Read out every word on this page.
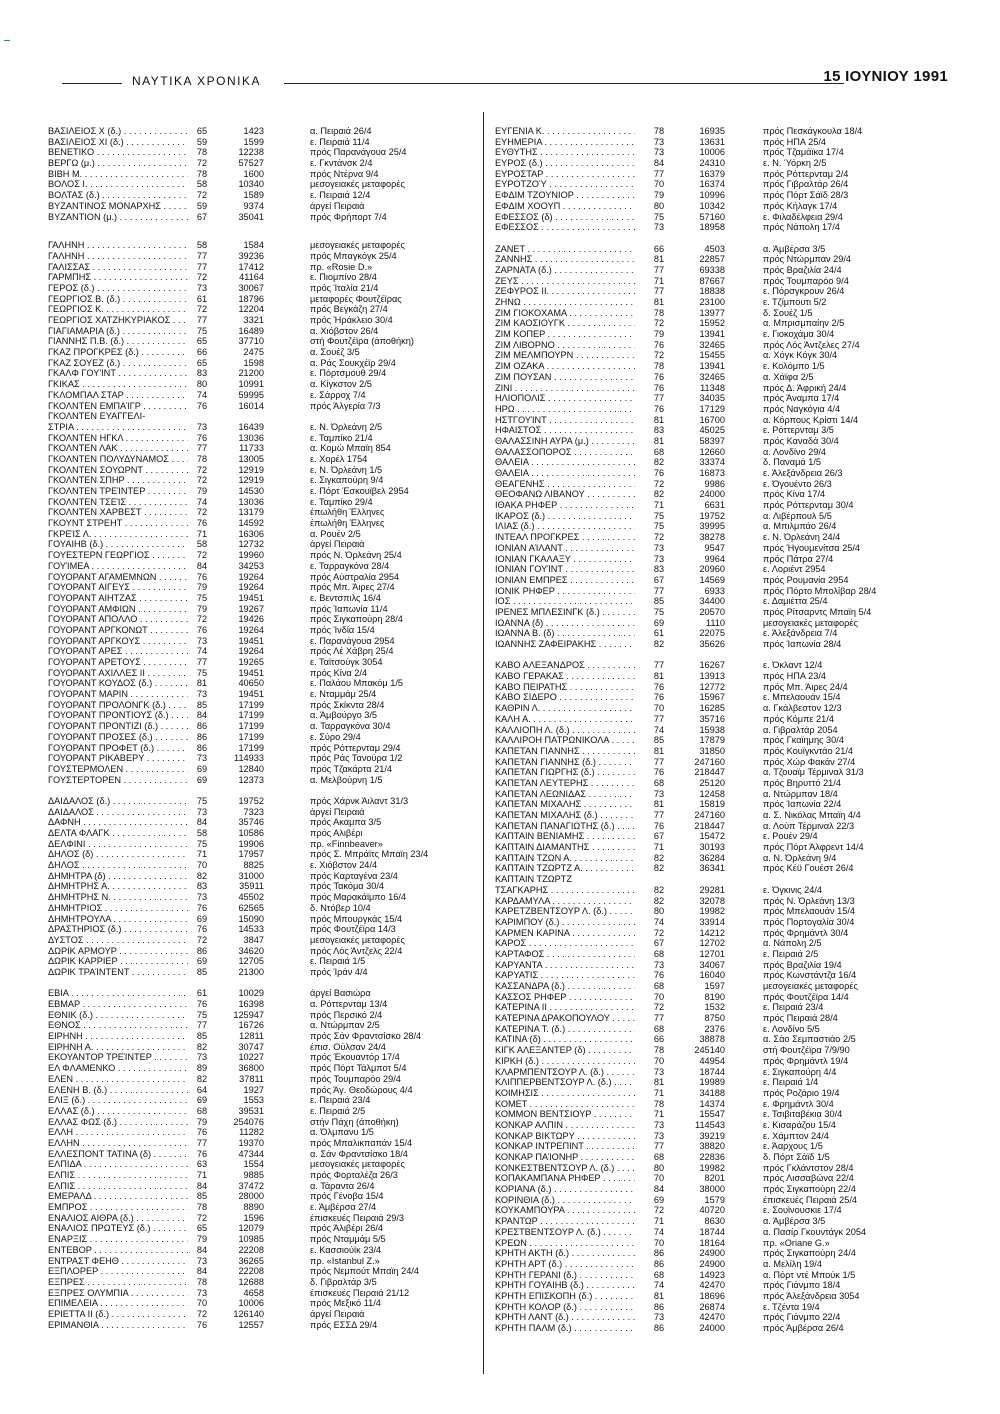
ΝΑΥΤΙΚΑ ΧΡΟΝΙΚΑ	15 ΙΟΥΝΙΟΥ 1991
ΒΑΣΙΛΕΙΟΣ Χ (δ.) . . .	65	1423	α. Πειραιά 26/4
ΒΑΣΙΛΕΙΟΣ ΧΙ (δ.) . . .	59	1599	ε. Πειραιά 11/4
ΒΕΝΕΤΙΚΟ . . .	78	12238	πρός Παρανάγουα 25/4
ΒΕΡΓΩ (μ.) . . .	72	57527	ε. Γκντάνσκ 2/4
ΒΙΒΗ Μ. . . .	78	1600	πρός Ντέρνα 9/4
ΒΟΛΟΣ Ι. . . .	58	10340	μεσογειακές μεταφορές
ΒΟΛΤΑΣ (δ.) . . .	72	1589	ε. Πειραιά 12/4
ΒΥΖΑΝΤΙΝΟΣ ΜΟΝΑΡΧΗΣ . . .	59	9374	άργεί Πειραιά
ΒΥΖΑΝΤΙΟΝ (μ.) . . .	67	35041	πρός Φρήπορτ 7/4
ΓΑΛΗΝΗ . . .	58	1584	μεσογειακές μεταφορές
ΓΑΛΗΝΗ . . .	77	39236	πρός Μπαγκόγκ 25/4
ΓΑΛΙΣΣΑΣ . . .	77	17412	πρ. «Rosie D.»
ΓΑΡΜΠΗΣ . . .	72	41164	ε. Πιομπίνο 28/4
ΓΕΡΟΣ (δ.) . . .	73	30067	πρός Ίταλία 21/4
ΓΕΩΡΓΙΟΣ Β. (δ.) . . .	61	18796	μεταφορές Φουτζέϊρας
ΓΕΩΡΓΙΟΣ Κ. . . .	72	12204	πρός Βεγκάζη 27/4
ΓΕΩΡΓΙΟΣ ΧΑΤΖΗΚΥΡΙΑΚΟΣ . . .	77	3321	πρός Ήράκλειο 30/4
ΓΙΑΓΙΑΜΑΡΙΑ (δ.) . . .	75	16489	α. Χιόβστον 26/4
ΓΙΑΝΝΗΣ Π.Β. (δ.) . . .	65	37710	στή Φουτζέϊρα (άποθήκη)
ΓΚΑΖ ΠΡΟΓΚΡΕΣ (δ.) . . .	66	2475	α. Σουέζ 3/5
ΓΚΑΖ ΣΟΥΕΖ (δ.) . . .	65	1598	α. Ράς Σουκχέϊρ 29/4
ΓΚΑΛΦ ΓΟΥ'ΙΝΤ . . .	83	21200	ε. Πόρτσμουθ 29/4
ΓΚΙΚΑΣ . . .	80	10991	α. Κίγκστον 2/5
ΓΚΛΟΜΠΑΛ ΣΤΑΡ . . .	74	59995	ε. Σάρροχ 7/4
ΓΚΟΛΝΤΕΝ ΕΜΠΑΊΓΡ . . .	76	16014	πρός Άλγερία 7/3
ΓΚΟΛΝΤΕΝ ΕΥΑΓΓΕΛΙ-
ΣΤΡΙΑ . . .	73	16439	ε. Ν. Όρλεάνη 2/5
ΓΚΟΛΝΤΕΝ ΗΓΚΛ . . .	76	13036	ε. Ταμπίκο 21/4
ΓΚΟΛΝΤΕΝ ΛΑΚ . . .	77	11733	α. Κομώ Μπαϊη 854
ΓΚΟΛΝΤΕΝ ΠΟΛΥΔΥΝΑΜΟΣ . . .	78	13005	ε. Χορέλ 1754
ΓΚΟΛΝΤΕΝ ΣΟΥΩΡΝΤ . . .	72	12919	ε. Ν. Όρλεάνη 1/5
ΓΚΟΛΝΤΕΝ ΣΠΗΡ . . .	72	12919	ε. Σιγκαπούρη 9/4
ΓΚΟΛΝΤΕΝ ΤΡΕΊΝΤΕΡ . . .	79	14530	ε. Πόρτ Έσκουϊβελ 2954
ΓΚΟΛΝΤΕΝ ΤΣΕΊΣ . . .	74	13036	ε. Ταμπίκο 29/4
ΓΚΟΛΝΤΕΝ ΧΑΡΒΕΣΤ . . .	72	13179	έπωλήθη Έλληνες
ΓΚΟΥΝΤ ΣΤΡΕΗΤ . . .	76	14592	έπωλήθη Έλληνες
ΓΚΡΕΊΣ Λ. . . .	71	16306	α. Ρουέν 2/5
ΓΟΥΑΙΗΒ (δ.) . . .	58	12732	άργεί Πειραιά
ΓΟΥΕΣΤΕΡΝ ΓΕΩΡΓΙΟΣ . . .	72	19960	πρός Ν. Όρλεάνη 25/4
ΓΟΥΊΜΕΑ . . .	84	34253	ε. Ταρραγκόνα 28/4
ΓΟΥΟΡΑΝΤ ΑΓΑΜΕΜΝΩΝ . . .	76	19264	πρός Αύστραλία 2954
ΓΟΥΟΡΑΝΤ ΑΙΓΕΥΣ . . .	79	19264	πρός Μπ. Άιρες 27/4
ΓΟΥΟΡΑΝΤ ΑΙΗΤΖΑΣ . . .	75	19451	ε. Βεντσπιλς 16/4
ΓΟΥΟΡΑΝΤ ΑΜΦΙΩΝ . . .	79	19267	πρός Ίαπωνία 11/4
ΓΟΥΟΡΑΝΤ ΑΠΟΛΛΟ . . .	72	19426	πρός Σιγκαπούρη 28/4
ΓΟΥΟΡΑΝΤ ΑΡΓΚΟΝΩΤ . . .	76	19264	πρός Ίνδία 15/4
ΓΟΥΟΡΑΝΤ ΑΡΓΚΟΥΣ . . .	73	19451	ε. Παρανάγουα 2954
ΓΟΥΟΡΑΝΤ ΑΡΕΣ . . .	74	19264	πρός Λέ Χάβρη 25/4
ΓΟΥΟΡΑΝΤ ΑΡΕΤΟΥΣ . . .	77	19265	ε. Ταϊτσούγκ 3054
ΓΟΥΟΡΑΝΤ ΑΧΙΛΛΕΣ ΙΙ . . .	75	19451	πρός Κίνα 2/4
ΓΟΥΟΡΑΝΤ ΚΟΥΔΟΣ (δ.) . . .	81	40650	ε. Παλάου Μπακόμ 1/5
ΓΟΥΟΡΑΝΤ ΜΑΡΙΝ . . .	73	19451	ε. Νταμμάμ 25/4
ΓΟΥΟΡΑΝΤ ΠΡΟΛΟΝΓΚ (δ.) . . .	85	17199	πρός Σκίκντα 28/4
ΓΟΥΟΡΑΝΤ ΠΡΟΝΤΙΟΥΣ (δ.) . . .	84	17199	α. Άμβούργο 3/5
ΓΟΥΟΡΑΝΤ ΠΡΟΝΤΙΖΙ (δ.) . . .	86	17199	α. Ταρραγκόνα 30/4
ΓΟΥΟΡΑΝΤ ΠΡΟΣΕΣ (δ.) . . .	86	17199	ε. Σύρο 29/4
ΓΟΥΟΡΑΝΤ ΠΡΟΦΕΤ (δ.) . . .	86	17199	πρός Ρόττερνταμ 29/4
ΓΟΥΟΡΑΝΤ ΡΙΚΑΒΕΡΥ . . .	73	114933	πρός Ράς Τανούρα 1/2
ΓΟΥΣΤΕΡΜΟΛΕΝ . . .	69	12840	πρός Τζακάρτα 21/4
ΓΟΥΣΤΕΡΤΟΡΕΝ . . .	69	12373	α. Μελβούρνη 1/5
ΔΑΙΔΑΛΟΣ (δ.) . . .	75	19752	πρός Χάρνκ Άιλαντ 31/3
ΔΑΙΔΑΛΟΣ . . .	73	7323	άργεί Πειραιά
ΔΑΦΝΗ . . .	84	35746	πρός Ακαμπα 3/5
ΔΕΛΤΑ ΦΛΑΓΚ . . .	58	10586	πρός Αλιβέρι
ΔΕΛΦΙΝΙ . . .	75	19906	πρ. «Finnbeaver»
ΔΗΛΟΣ (δ) . . .	71	17957	πρός Σ. Μπράϊτς Μπαϊη 23/4
ΔΗΛΟΣ . . .	70	8825	ε. Χιόβστον 24/4
ΔΗΜΗΤΡΑ (δ) . . .	82	31000	πρός Καρταγένα 23/4
ΔΗΜΗΤΡΗΣ Α. . . .	83	35911	πρός Τακόμα 30/4
ΔΗΜΗΤΡΗΣ Ν. . . .	73	45502	πρός Μαρακάϊμπο 16/4
ΔΗΜΗΤΡΙΟΣ . . .	76	62565	δ. Ντόβερ 10/4
ΔΗΜΗΤΡΟΥΛΑ . . .	69	15090	πρός Μπουργκάς 15/4
ΔΡΑΣΤΗΡΙΟΣ (δ.) . . .	76	14533	πρός Φουτζέϊρα 14/3
ΔΥΣΤΟΣ . . .	72	3847	μεσογειακές μεταφορές
ΔΩΡΙΚ ΑΡΜΟΥΡ . . .	86	34620	πρός Λός Άντζελς 22/4
ΔΩΡΙΚ ΚΑΡΡΙΕΡ . . .	69	12705	ε. Πειραιά 1/5
ΔΩΡΙΚ ΤΡΑΊΝΤΕΝΤ . . .	85	21300	πρός Ίράν 4/4
ΕΒΙΑ . . .	61	10029	άργεί Βασιώρα
ΕΒΜΑΡ . . .	76	16398	α. Ρόττερνταμ 13/4
ΕΘΝΙΚ (δ.) . . .	75	125947	πρός Περσικό 2/4
ΕΘΝΟΣ . . .	77	16726	α. Ντώρμπαν 2/5
ΕΙΡΗΝΗ . . .	85	12811	πρός Σάν Φραντσίσκο 28/4
ΕΙΡΗΝΗ Α. . . .	82	30747	έπισ. Ούλσαν 24/4
ΕΚΟΥΑΝΤΟΡ ΤΡΕΊΝΤΕΡ . . .	73	10227	πρός Έκουαντόρ 17/4
ΕΛ ΦΛΑΜΕΝΚΟ . . .	89	36800	πρός Πόρτ Τάλμποτ 5/4
ΕΛΕΝ . . .	82	37811	πρός Τουμπαρόο 29/4
ΕΛΕΝΗ Β. (δ.) . . .	64	1927	πρός Άγ. Θεοδώρους 4/4
ΕΛΙΞ (δ.) . . .	69	1553	ε. Πειραιά 23/4
ΕΛΛΑΣ (δ.) . . .	68	39531	ε. Πειραιά 2/5
ΕΛΛΑΣ ΦΩΣ (δ.) . . .	79	254076	στήν Πάχη (άποθήκη)
ΕΛΛΗ . . .	76	11282	α. Όλμπανυ 1/5
ΕΛΛΗΝ . . .	77	19370	πρός Μπαλικπαπάν 15/4
ΕΛΛΕΣΠΟΝΤ ΤΑΤΙΝΑ (δ) . . .	76	47344	α. Σάν Φραντσίσκο 18/4
ΕΛΠΙΔΑ . . .	63	1554	μεσογειακές μεταφορές
ΕΛΠΙΣ . . .	71	9885	πρός Φορταλέζα 26/3
ΕΛΠΙΣ . . .	84	37472	α. Τάραντα 26/4
ΕΜΕΡΑΛΔ . . .	85	28000	πρός Γένοβα 15/4
ΕΜΠΡΟΣ . . .	78	8890	ε. Άμβέρσα 27/4
ΕΝΑΛΙΟΣ ΑΙΘΡΑ (δ.) . . .	72	1596	έπισκευές Πειραιά 29/3
ΕΝΑΛΙΟΣ ΠΡΩΤΕΥΣ (δ.) . . .	65	12079	πρός Άλιβέρι 26/4
ΕΝΑΡΞΙΣ . . .	79	10985	πρός Νταμμάμ 5/5
ΕΝΤΕΒΟΡ . . .	84	22208	ε. Κασσιούϊκ 23/4
ΕΝΤΡΑΣΤ ΦΕΗΘ . . .	73	36265	πρ. «Istanbul Z.»
ΕΞΠΛΟΡΕΡ . . .	84	22208	πρός Νεμπούτ Μπαϊη 24/4
ΕΞΠΡΕΣ . . .	78	12688	δ. Γιβραλτάρ 3/5
ΕΞΠΡΕΣ ΟΛΥΜΠΙΑ . . .	73	4658	έπισκευές Πειραιά 21/12
ΕΠΙΜΕΛΕΙΑ . . .	70	10006	πρός Μεξικό 11/4
ΕΡΙΕΤΤΑ ΙΙ (δ.) . . .	72	126140	άργεί Πειραιά
ΕΡΙΜΑΝΘΙΑ . . .	76	12557	πρός ΕΣΣΔ 29/4
ΕΥΓΕΝΙΑ Κ. . . .	78	16935	πρός Πεσκάγκουλα 18/4
ΕΥΗΜΕΡΙΑ . . .	73	13631	πρός ΗΠΑ 25/4
ΕΥΘΥΤΗΣ . . .	73	10006	πρός Τζαμάϊκα 17/4
ΕΥΡΟΣ (δ.) . . .	84	24310	ε. Ν. Ύόρκη 2/5
ΕΥΡΟΣΤΑΡ . . .	77	16379	πρός Ρόττερνταμ 2/4
ΕΥΡΟΤΖΟΎ . . .	70	16374	πρός Γιβραλτάρ 26/4
ΕΦΔΙΜ ΤΖΟΥΝΙΟΡ . . .	79	10996	πρός Πόρτ Σάϊδ 28/3
ΕΦΔΙΜ ΧΟΟΥΠ . . .	80	10342	πρός Κήλαγκ 17/4
ΕΦΕΣΣΟΣ (δ) . . .	75	57160	ε. Φιλαδέλφεια 29/4
ΕΦΕΣΣΟΣ . . .	73	18958	πρός Νάπολη 17/4
ΖΑΝΕΤ . . .	66	4503	α. Άμβέρσα 3/5
ΖΑΝΝΗΣ . . .	81	22857	πρός Ντώρμπαν 29/4
ΖΑΡΝΑΤΑ (δ.) . . .	77	69338	πρός Βραζιλία 24/4
ΖΕΥΣ . . .	71	87667	πρός Τουμπαρόο 9/4
ΖΕΦΥΡΟΣ ΙΙ. . . .	77	18838	ε. Πόρσγκρουν 26/4
ΖΗΝΩ . . .	81	23100	ε. Τζίμπουτι 5/2
ΖΙΜ ΓΙΟΚΟΧΑΜΑ . . .	78	13977	δ. Σουέζ 1/5
ΖΙΜ ΚΑΟΣΙΟΥΓΚ . . .	72	15952	α. Μπρισμπαίην 2/5
ΖΙΜ ΚΟΠΕΡ . . .	79	13941	ε. Γιοκοχάμα 30/4
ΖΙΜ ΛΙΒΟΡΝΟ . . .	76	32465	πρός Λός Άντζελες 27/4
ΖΙΜ ΜΕΛΜΠΟΥΡΝ . . .	72	15455	α. Χόγκ Κόγκ 30/4
ΖΙΜ ΟΖΑΚΑ . . .	78	13941	ε. Κολόμπο 1/5
ΖΙΜ ΠΟΥΣΑΝ . . .	76	32465	α. Χάϊφα 2/5
ΖΙΝΙ . . .	76	11348	πρός Δ. Άφρική 24/4
ΗΛΙΟΠΟΛΙΣ . . .	77	34035	πρός Άναμπα 17/4
ΗΡΩ . . .	76	17129	πρός Ναγκόγια 4/4
ΗΣΤΓΟΥΊΝΤ . . .	81	16700	α. Κόρπους Κρίστι 14/4
ΗΦΑΙΣΤΟΣ . . .	83	45025	ε. Ρόττερνταμ 3/5
ΘΑΛΑΣΣΙΝΗ ΑΥΡΑ (μ.) . . .	81	58397	πρός Καναδά 30/4
ΘΑΛΑΣΣΟΠΟΡΟΣ . . .	68	12660	α. Λονδίνο 29/4
ΘΑΛΕΙΑ . . .	82	33374	δ. Παναμά 1/5
ΘΑΛΕΙΑ . . .	76	16873	ε. Άλεξάνδρεια 26/3
ΘΕΑΓΕΝΗΣ . . .	72	9986	ε. Όγουέντο 26/3
ΘΕΟΦΑΝΩ ΛΙΒΑΝΟΥ . . .	82	24000	πρός Κίνα 17/4
ΙΘΑΚΑ ΡΗΦΕΡ . . .	71	6631	πρός Ρόττερνταμ 30/4
ΙΚΑΡΟΣ (δ.) . . .	75	19752	α. Λιβέρπουλ 5/5
ΙΛΙΑΣ (δ.) . . .	75	39995	α. Μπιλμπάο 26/4
ΙΝΤΕΑΛ ΠΡΟΓΚΡΕΣ . . .	72	38278	ε. Ν. Όρλεάνη 24/4
ΙΟΝΙΑΝ ΑΊΛΑΝΤ . . .	73	9547	πρός Ήγουμενίτσα 25/4
ΙΟΝΙΑΝ ΓΚΑΛΑΞΥ . . .	73	9964	πρός Πάτρα 27/4
ΙΟΝΙΑΝ ΓΟΥΊΝΤ . . .	83	20960	ε. Λοριέντ 2954
ΙΟΝΙΑΝ ΕΜΠΡΕΣ . . .	67	14569	πρός Ρουμανία 2954
ΙΟΝΙΚ ΡΗΦΕΡ . . .	77	6933	πρός Πόρτο Μπολίβαρ 28/4
ΙΟΣ . . .	85	34400	ε. Δαμιέττα 25/4
ΙΡΕΝΕΣ ΜΠΛΕΣΙΝΓΚ (δ.) . . .	75	20570	πρός Ρίτσαρντς Μπαϊη 5/4
ΙΩΑΝΝΑ (δ) . . .	69	1110	μεσογειακές μεταφορές
ΙΩΑΝΝΑ Β. (δ) . . .	61	22075	ε. Άλεξάνδρεια 7/4
ΙΩΑΝΝΗΣ ΖΑΦΕΙΡΑΚΗΣ . . .	82	35626	πρός Ίαπωνία 28/4
ΚΑΒΟ ΑΛΕΞΑΝΔΡΟΣ . . .	77	16267	ε. Όκλαντ 12/4
ΚΑΒΟ ΓΕΡΑΚΑΣ . . .	81	13913	πρός ΗΠΑ 23/4
ΚΑΒΟ ΠΕΙΡΑΤΗΣ . . .	76	12772	πρός Μπ. Άιρες 24/4
ΚΑΒΟ ΣΙΔΕΡΟ . . .	76	15967	ε. Μπελαουάν 15/4
ΚΑΘΡΙΝ Λ. . . .	70	16285	α. Γκάλβεστον 12/3
ΚΑΛΗ Α. . . .	77	35716	πρός Κόμπε 21/4
ΚΑΛΛΙΟΠΗ Λ. (δ.) . . .	74	15938	α. Γιβραλτάρ 2054
ΚΑΛΛΙΡΟΗ ΠΑΤΡΩΝΙΚΟΛΑ . . .	85	17879	πρός Γκαϊημης 30/4
ΚΑΠΕΤΑΝ ΓΙΑΝΝΗΣ . . .	81	31850	πρός Κουϊγκντάο 21/4
ΚΑΠΕΤΑΝ ΓΙΑΝΝΗΣ (δ.) . . .	77	247160	πρός Χώρ Φακάν 27/4
ΚΑΠΕΤΑΝ ΓΙΩΡΓΗΣ (δ.) . . .	76	218447	α. Τζουαϊμ Τέρμιναλ 31/3
ΚΑΠΕΤΑΝ ΛΕΥΤΕΡΗΣ . . .	68	25120	πρός Βηρυττό 21/4
ΚΑΠΕΤΑΝ ΛΕΩΝΙΔΑΣ . . .	73	12458	α. Ντώρμπαν 18/4
ΚΑΠΕΤΑΝ ΜΙΧΑΛΗΣ . . .	81	15819	πρός Ίαπωνία 22/4
ΚΑΠΕΤΑΝ ΜΙΧΑΛΗΣ (δ.) . . .	77	247160	α. Σ. Νικόλας Μπαϊη 4/4
ΚΑΠΕΤΑΝ ΠΑΝΑΓΙΩΤΗΣ (δ.) . . .	76	218447	α. Λούπ Τέρμιναλ 22/3
ΚΑΠΤΑΙΝ ΒΕΝΙΑΜΗΣ . . .	67	15472	ε. Ρουέν 29/4
ΚΑΠΤΑΙΝ ΔΙΑΜΑΝΤΗΣ . . .	71	30193	πρός Πόρτ Άλφρεντ 14/4
ΚΑΠΤΑΙΝ ΤΖΩΝ Α. . . .	82	36284	α. Ν. Όρλεάνη 9/4
ΚΑΠΤΑΙΝ ΤΖΩΡΤΖ Α. . . .	82	36341	πρός Κέϋ Γουέστ 26/4
ΚΑΠΤΑΙΝ ΤΖΩΡΤΖ
ΤΣΑΓΚΑΡΗΣ . . .	82	29281	ε. Όγκινις 24/4
ΚΑΡΔΑΜΥΛΑ . . .	82	32078	πρός Ν. Όρλεάνη 13/3
ΚΑΡΕΤΖΒΕΝΤΣΟΥΡ Λ. (δ.) . . .	80	19982	πρός Μπελαουάν 15/4
ΚΑΡΙΜΠΟΥ (δ.) . . .	74	33914	πρός Πορτογαλία 30/4
ΚΑΡΜΕΝ ΚΑΡΙΝΑ . . .	72	14212	πρός Φρημάντλ 30/4
ΚΑΡΟΣ . . .	67	12702	α. Νάπολη 2/5
ΚΑΡΤΑΦΟΣ . . .	68	12701	ε. Πειραιά 2/5
ΚΑΡΥΑΝΤΑ . . .	73	34067	πρός Βραζιλία 19/4
ΚΑΡΥΑΤΙΣ . . .	76	16040	πρός Κωνστάντζα 16/4
ΚΑΣΣΑΝΔΡΑ (δ.) . . .	68	1597	μεσογειακές μεταφορές
ΚΑΣΣΟΣ ΡΗΦΕΡ . . .	70	8190	πρός Φουτζέϊρα 14/4
ΚΑΤΕΡΙΝΑ ΙΙ . . .	72	1532	ε. Πειραιά 23/4
ΚΑΤΕΡΙΝΑ ΔΡΑΚΟΠΟΥΛΟΥ . . .	77	8750	πρός Πειραιά 28/4
ΚΑΤΕΡΙΝΑ Τ. (δ.) . . .	68	2376	ε. Λονδίνο 5/5
ΚΑΤΙΝΑ (δ) . . .	66	38878	α. Σάο Σεμπαστιάο 2/5
ΚΙΓΚ ΑΛΕΞΑΝΤΕΡ (δ) . . .	78	245140	στή Φουτζέϊρα 7/9/90
ΚΙΡΚΗ (δ.) . . .	70	44954	πρός Φρημάντλ 19/4
ΚΛΑΡΜΠΕΝΤΣΟΥΡ Λ. (δ.) . . .	73	18744	ε. Σιγκαπούρη 4/4
ΚΛΙΠΠΕΡΒΕΝΤΣΟΥΡ Λ. (δ.) . . .	81	19989	ε. Πειραιά 1/4
ΚΟΙΜΗΣΙΣ . . .	71	34188	πρός Ροζάριο 19/4
ΚΟΜΕΤ . . .	78	14374	ε. Φρημάντλ 30/4
ΚΟΜΜΟΝ ΒΕΝΤΣΙΟΥΡ . . .	71	15547	ε. Τσιβιταβέκια 30/4
ΚΟΝΚΑΡ ΑΛΠΙΝ . . .	73	114543	ε. Κισαράζου 15/4
ΚΟΝΚΑΡ ΒΙΚΤΩΡΥ . . .	73	39219	ε. Χάμπτον 24/4
ΚΟΝΚΑΡ ΙΝΤΡΕΠΙΝΤ . . .	77	38820	ε. Άαρχους 1/5
ΚΟΝΚΑΡ ΠΑΊΟΝΗΡ . . .	68	22836	δ. Πόρτ Σάϊδ 1/5
ΚΟΝΚΕΣΤΒΕΝΤΣΟΥΡ Λ. (δ.) . . .	80	19982	πρός Γκλάντστον 28/4
ΚΟΠΑΚΑΜΠΑΝΑ ΡΗΦΕΡ . . .	70	8201	πρός Λισσαβώνα 22/4
ΚΟΡΙΑΝΑ (δ.) . . .	84	38000	πρός Σιγκαπούρη 22/4
ΚΟΡΙΝΘΙΑ (δ.) . . .	69	1579	έπισκευές Πειραιά 25/4
ΚΟΥΚΑΜΠΟΥΡΑ . . .	72	40720	ε. Σουϊνουσκιε 17/4
ΚΡΑΝΤΩΡ . . .	71	8630	α. Άμβέρσα 3/5
ΚΡΕΣΤΒΕΝΤΣΟΥΡ Λ. (δ.) . . .	74	18744	α. Πασίρ Γκουντάγκ 2054
ΚΡΕΩΝ . . .	70	18164	πρ. «Oriane G.»
ΚΡΗΤΗ ΑΚΤΗ (δ.) . . .	86	24900	πρός Σιγκαπούρη 24/4
ΚΡΗΤΗ ΑΡΤ (δ.) . . .	86	24900	α. Μελίλη 19/4
ΚΡΗΤΗ ΓΕΡΑΝΙ (δ.) . . .	68	14923	α. Πόρτ ντέ Μπούκ 1/5
ΚΡΗΤΗ ΓΟΥΑΙΗΒ (δ.) . . .	74	42470	πρός Γιάνμπο 18/4
ΚΡΗΤΗ ΕΠΙΣΚΟΠΗ (δ.) . . .	81	18696	πρός Άλεξάνδρεια 3054
ΚΡΗΤΗ ΚΟΛΟΡ (δ.) . . .	86	26874	ε. Τζέντα 19/4
ΚΡΗΤΗ ΛΑΝΤ (δ.) . . .	73	42470	πρός Γιάνμπο 22/4
ΚΡΗΤΗ ΠΑΛΜ (δ.) . . .	86	24000	πρός Άμβέρσα 26/4
